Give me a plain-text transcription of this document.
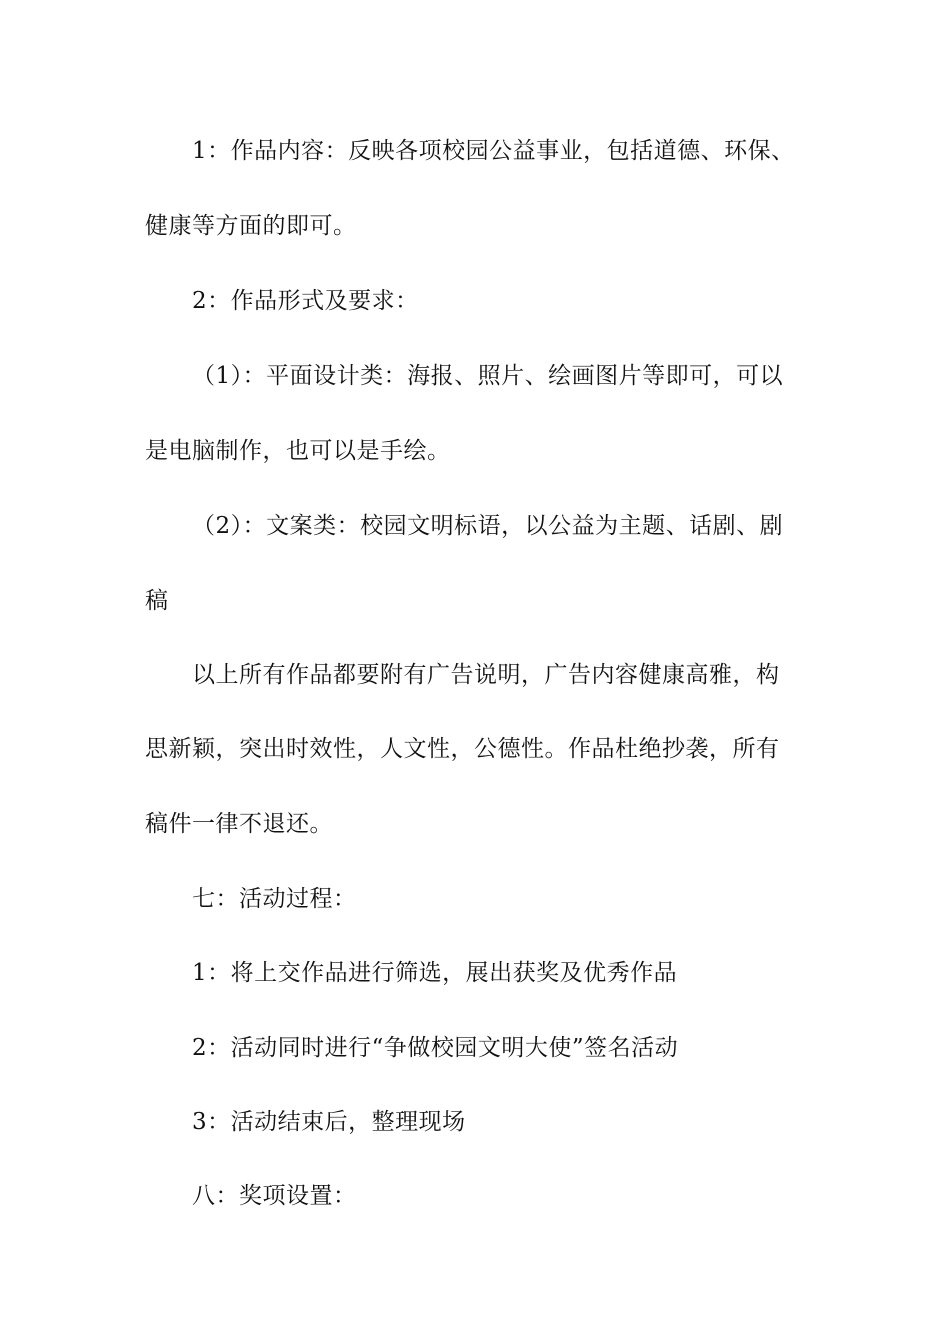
1：作品内容：反映各项校园公益事业，包括道德、环保、
健康等方面的即可。
2：作品形式及要求：
（1）：平面设计类：海报、照片、绘画图片等即可，可以
是电脑制作，也可以是手绘。
（2）：文案类：校园文明标语，以公益为主题、话剧、剧
稿
以上所有作品都要附有广告说明，广告内容健康高雅，构
思新颖，突出时效性，人文性，公德性。作品杜绝抄袭，所有
稿件一律不退还。
七：活动过程：
1：将上交作品进行筛选，展出获奖及优秀作品
2：活动同时进行“争做校园文明大使”签名活动
3：活动结束后，整理现场
八：奖项设置：
